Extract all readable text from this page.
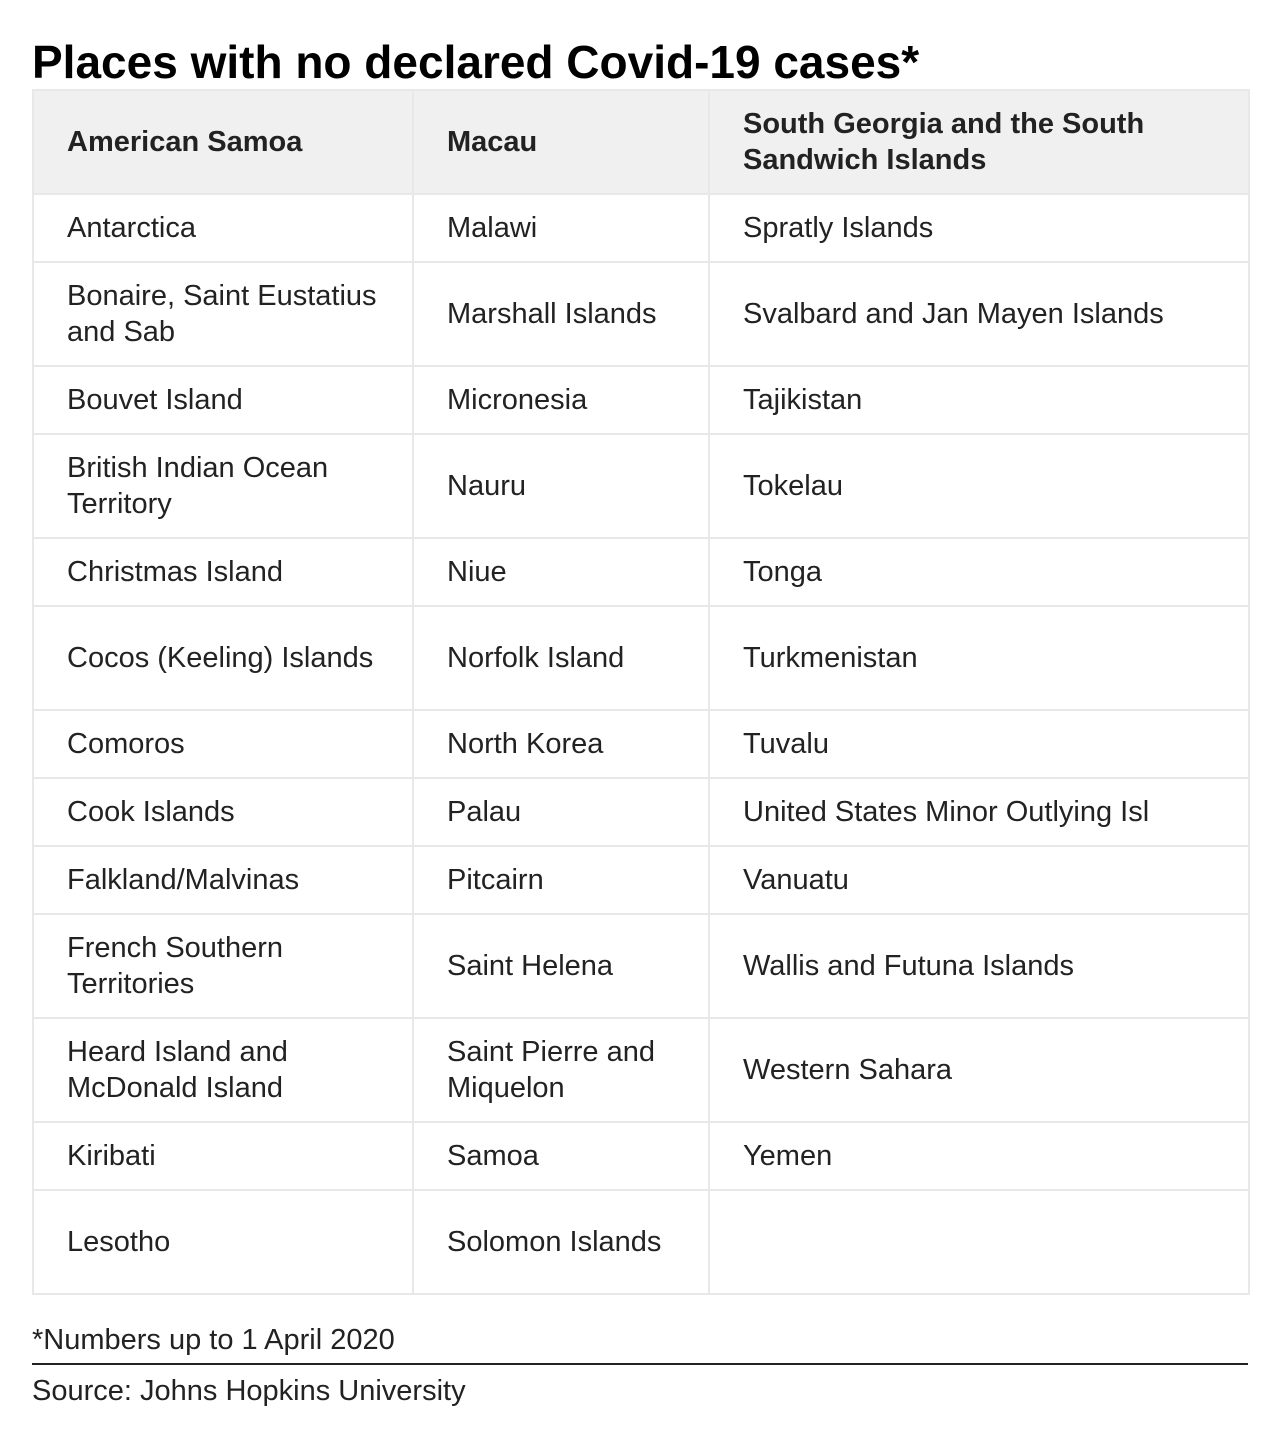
Places with no declared Covid-19 cases*
American Samoa	Macau	South Georgia and the South Sandwich Islands
Antarctica	Malawi	Spratly Islands
Bonaire, Saint Eustatius and Sab	Marshall Islands	Svalbard and Jan Mayen Islands
Bouvet Island	Micronesia	Tajikistan
British Indian Ocean Territory	Nauru	Tokelau
Christmas Island	Niue	Tonga
Cocos (Keeling) Islands	Norfolk Island	Turkmenistan
Comoros	North Korea	Tuvalu
Cook Islands	Palau	United States Minor Outlying Isl
Falkland/Malvinas	Pitcairn	Vanuatu
French Southern Territories	Saint Helena	Wallis and Futuna Islands
Heard Island and McDonald Island	Saint Pierre and Miquelon	Western Sahara
Kiribati	Samoa	Yemen
Lesotho	Solomon Islands	
*Numbers up to 1 April 2020
Source: Johns Hopkins University
